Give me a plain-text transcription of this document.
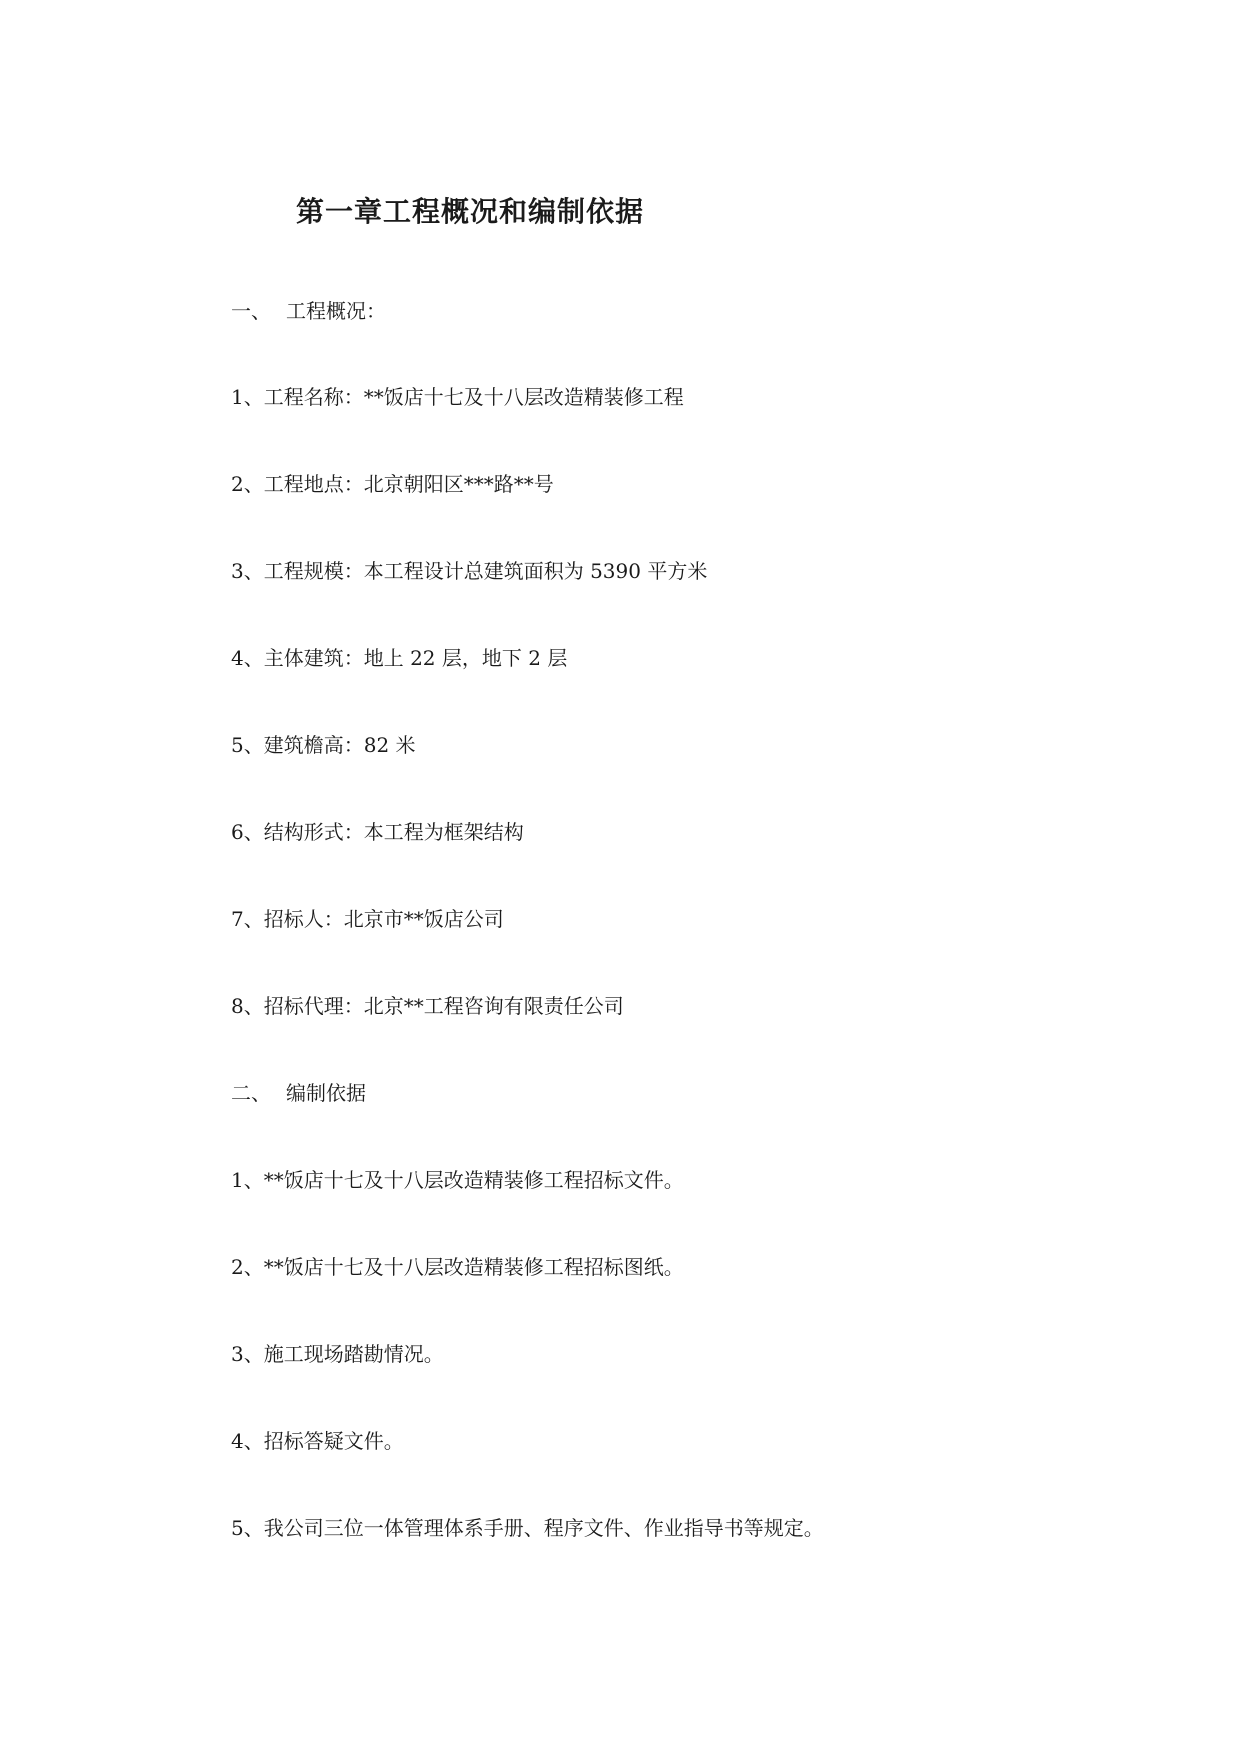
第一章工程概况和编制依据
一、 工程概况：
1、工程名称：**饭店十七及十八层改造精装修工程
2、工程地点：北京朝阳区***路**号
3、工程规模：本工程设计总建筑面积为 5390 平方米
4、主体建筑：地上 22 层，地下 2 层
5、建筑檐高：82 米
6、结构形式：本工程为框架结构
7、招标人：北京市**饭店公司
8、招标代理：北京**工程咨询有限责任公司
二、 编制依据
1、**饭店十七及十八层改造精装修工程招标文件。
2、**饭店十七及十八层改造精装修工程招标图纸。
3、施工现场踏勘情况。
4、招标答疑文件。
5、我公司三位一体管理体系手册、程序文件、作业指导书等规定。
